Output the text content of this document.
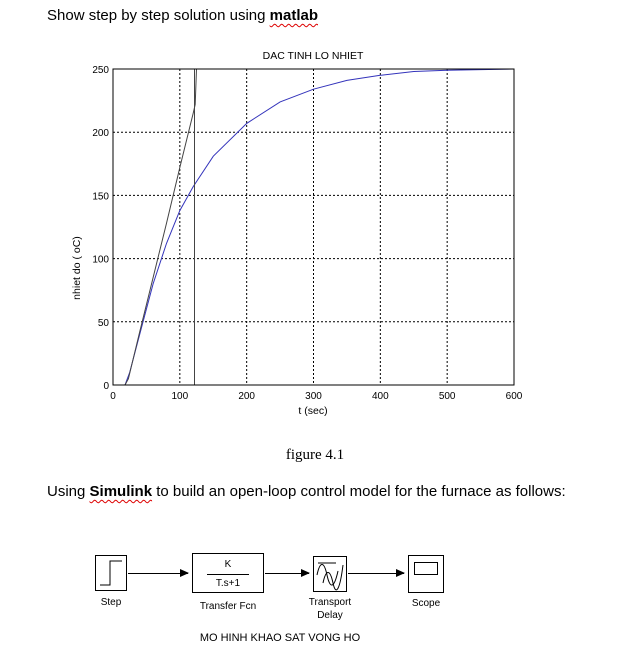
Show step by step solution using matlab
DAC TINH LO NHIET
0	100	200	300	400	500	600
0
50
100
150
200
250
t (sec)
nhiet do ( oC)
figure 4.1
Using Simulink to build an open-loop control model for the furnace as follows:
Step
K
T.s+1
Transfer Fcn	Transport
Delay
Scope
MO HINH KHAO SAT VONG HO
